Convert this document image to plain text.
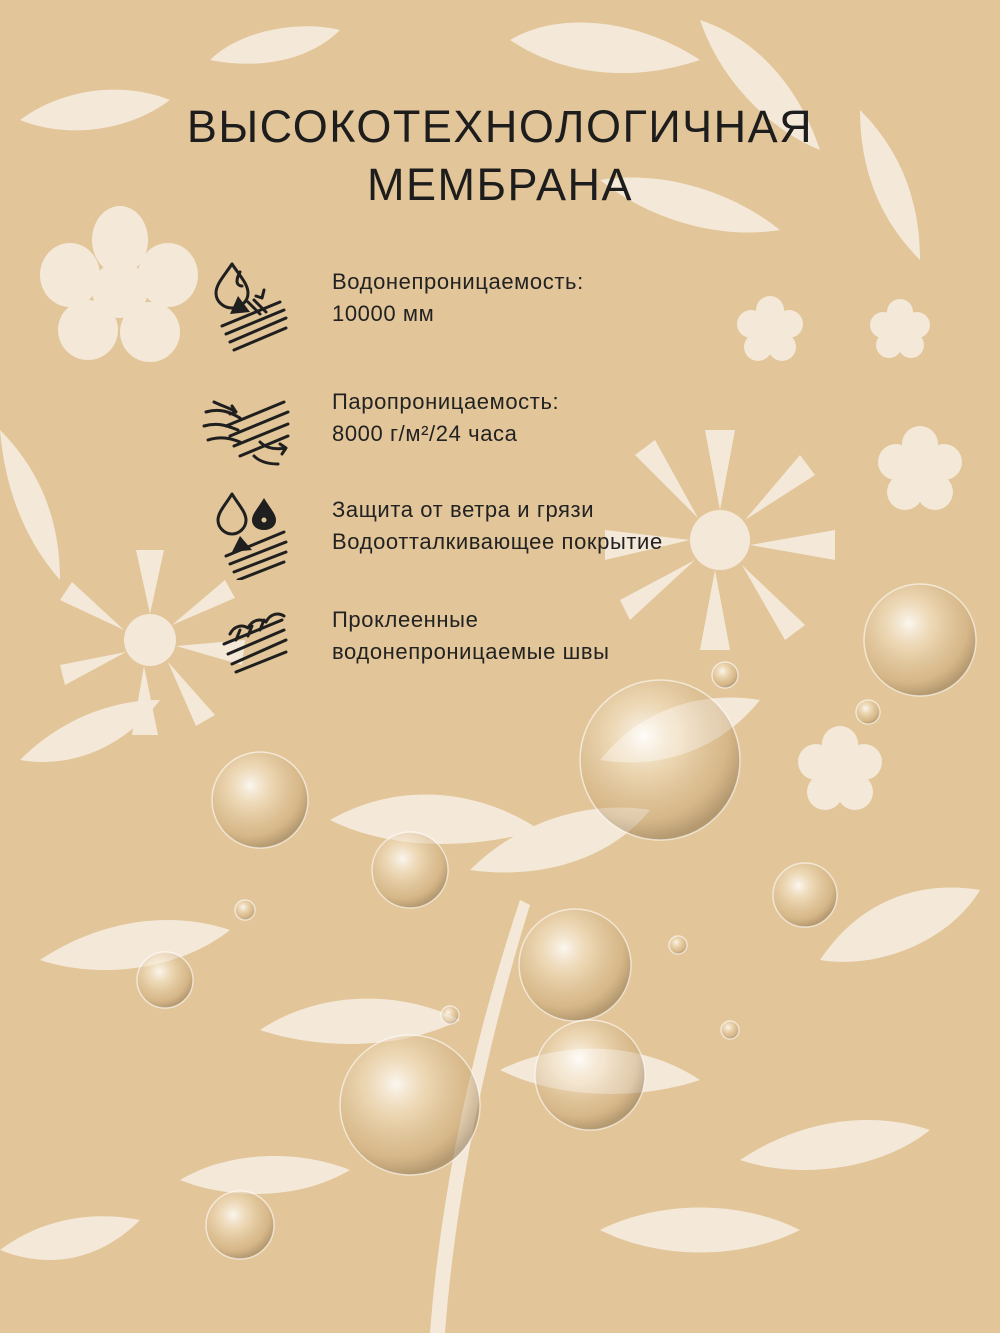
ВЫСОКОТЕХНОЛОГИЧНАЯ
МЕМБРАНА
Водонепроницаемость:
10000 мм
Паропроницаемость:
8000 г/м²/24 часа
Защита от ветра и грязи
Водоотталкивающее покрытие
Проклеенные
водонепроницаемые швы
